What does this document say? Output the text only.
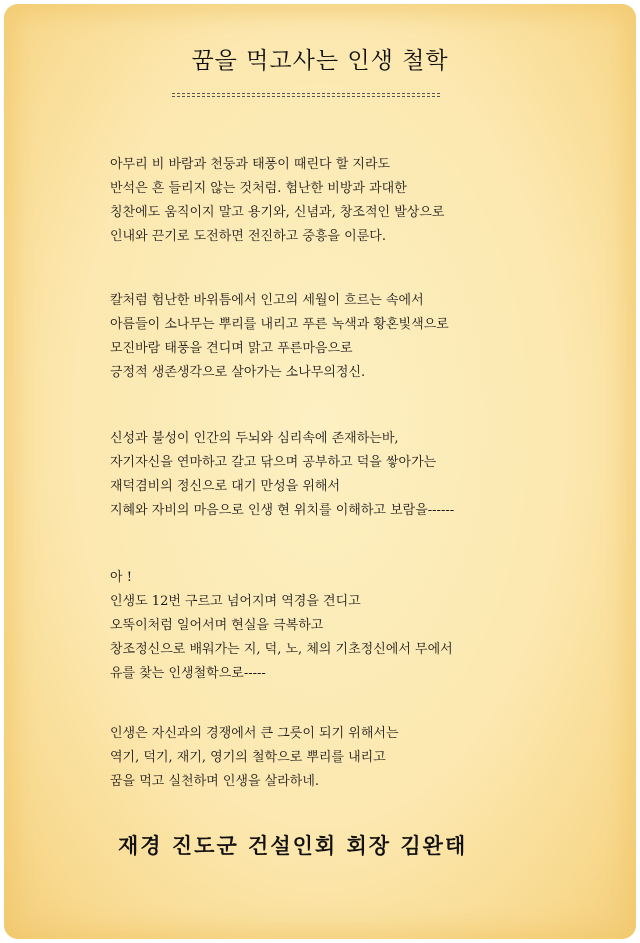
꿈을 먹고사는 인생 철학
아무리 비 바람과 천둥과 태풍이 때린다 할 지라도
반석은 흔 들리지 않는 것처럼. 험난한 비방과 과대한
칭찬에도 움직이지 말고 용기와, 신념과, 창조적인 발상으로
인내와 끈기로 도전하면 전진하고 중흥을 이룬다.
칼처럼 험난한 바위틈에서 인고의 세월이 흐르는 속에서
아름들이 소나무는 뿌리를 내리고 푸른 녹색과 황혼빛색으로
모진바람 태풍을 견디며 맑고 푸른마음으로
긍정적 생존생각으로 살아가는 소나무의정신.
신성과 불성이 인간의 두뇌와 심리속에 존재하는바,
자기자신을 연마하고 갈고 닦으며 공부하고 덕을 쌓아가는
재덕겸비의 정신으로 대기 만성을 위해서
지혜와 자비의 마음으로 인생 현 위치를 이해하고 보람을------
아 !
인생도 12번 구르고 넘어지며 역경을 견디고
오뚝이처럼 일어서며 현실을 극복하고
창조정신으로 배워가는 지, 덕, 노, 체의 기초정신에서 무에서
유를 찾는 인생철학으로-----
인생은 자신과의 경쟁에서 큰 그릇이 되기 위해서는
역기, 덕기, 재기, 영기의 철학으로 뿌리를 내리고
꿈을 먹고 실천하며 인생을 살라하네.

재경 진도군 건설인회 회장 김완태
